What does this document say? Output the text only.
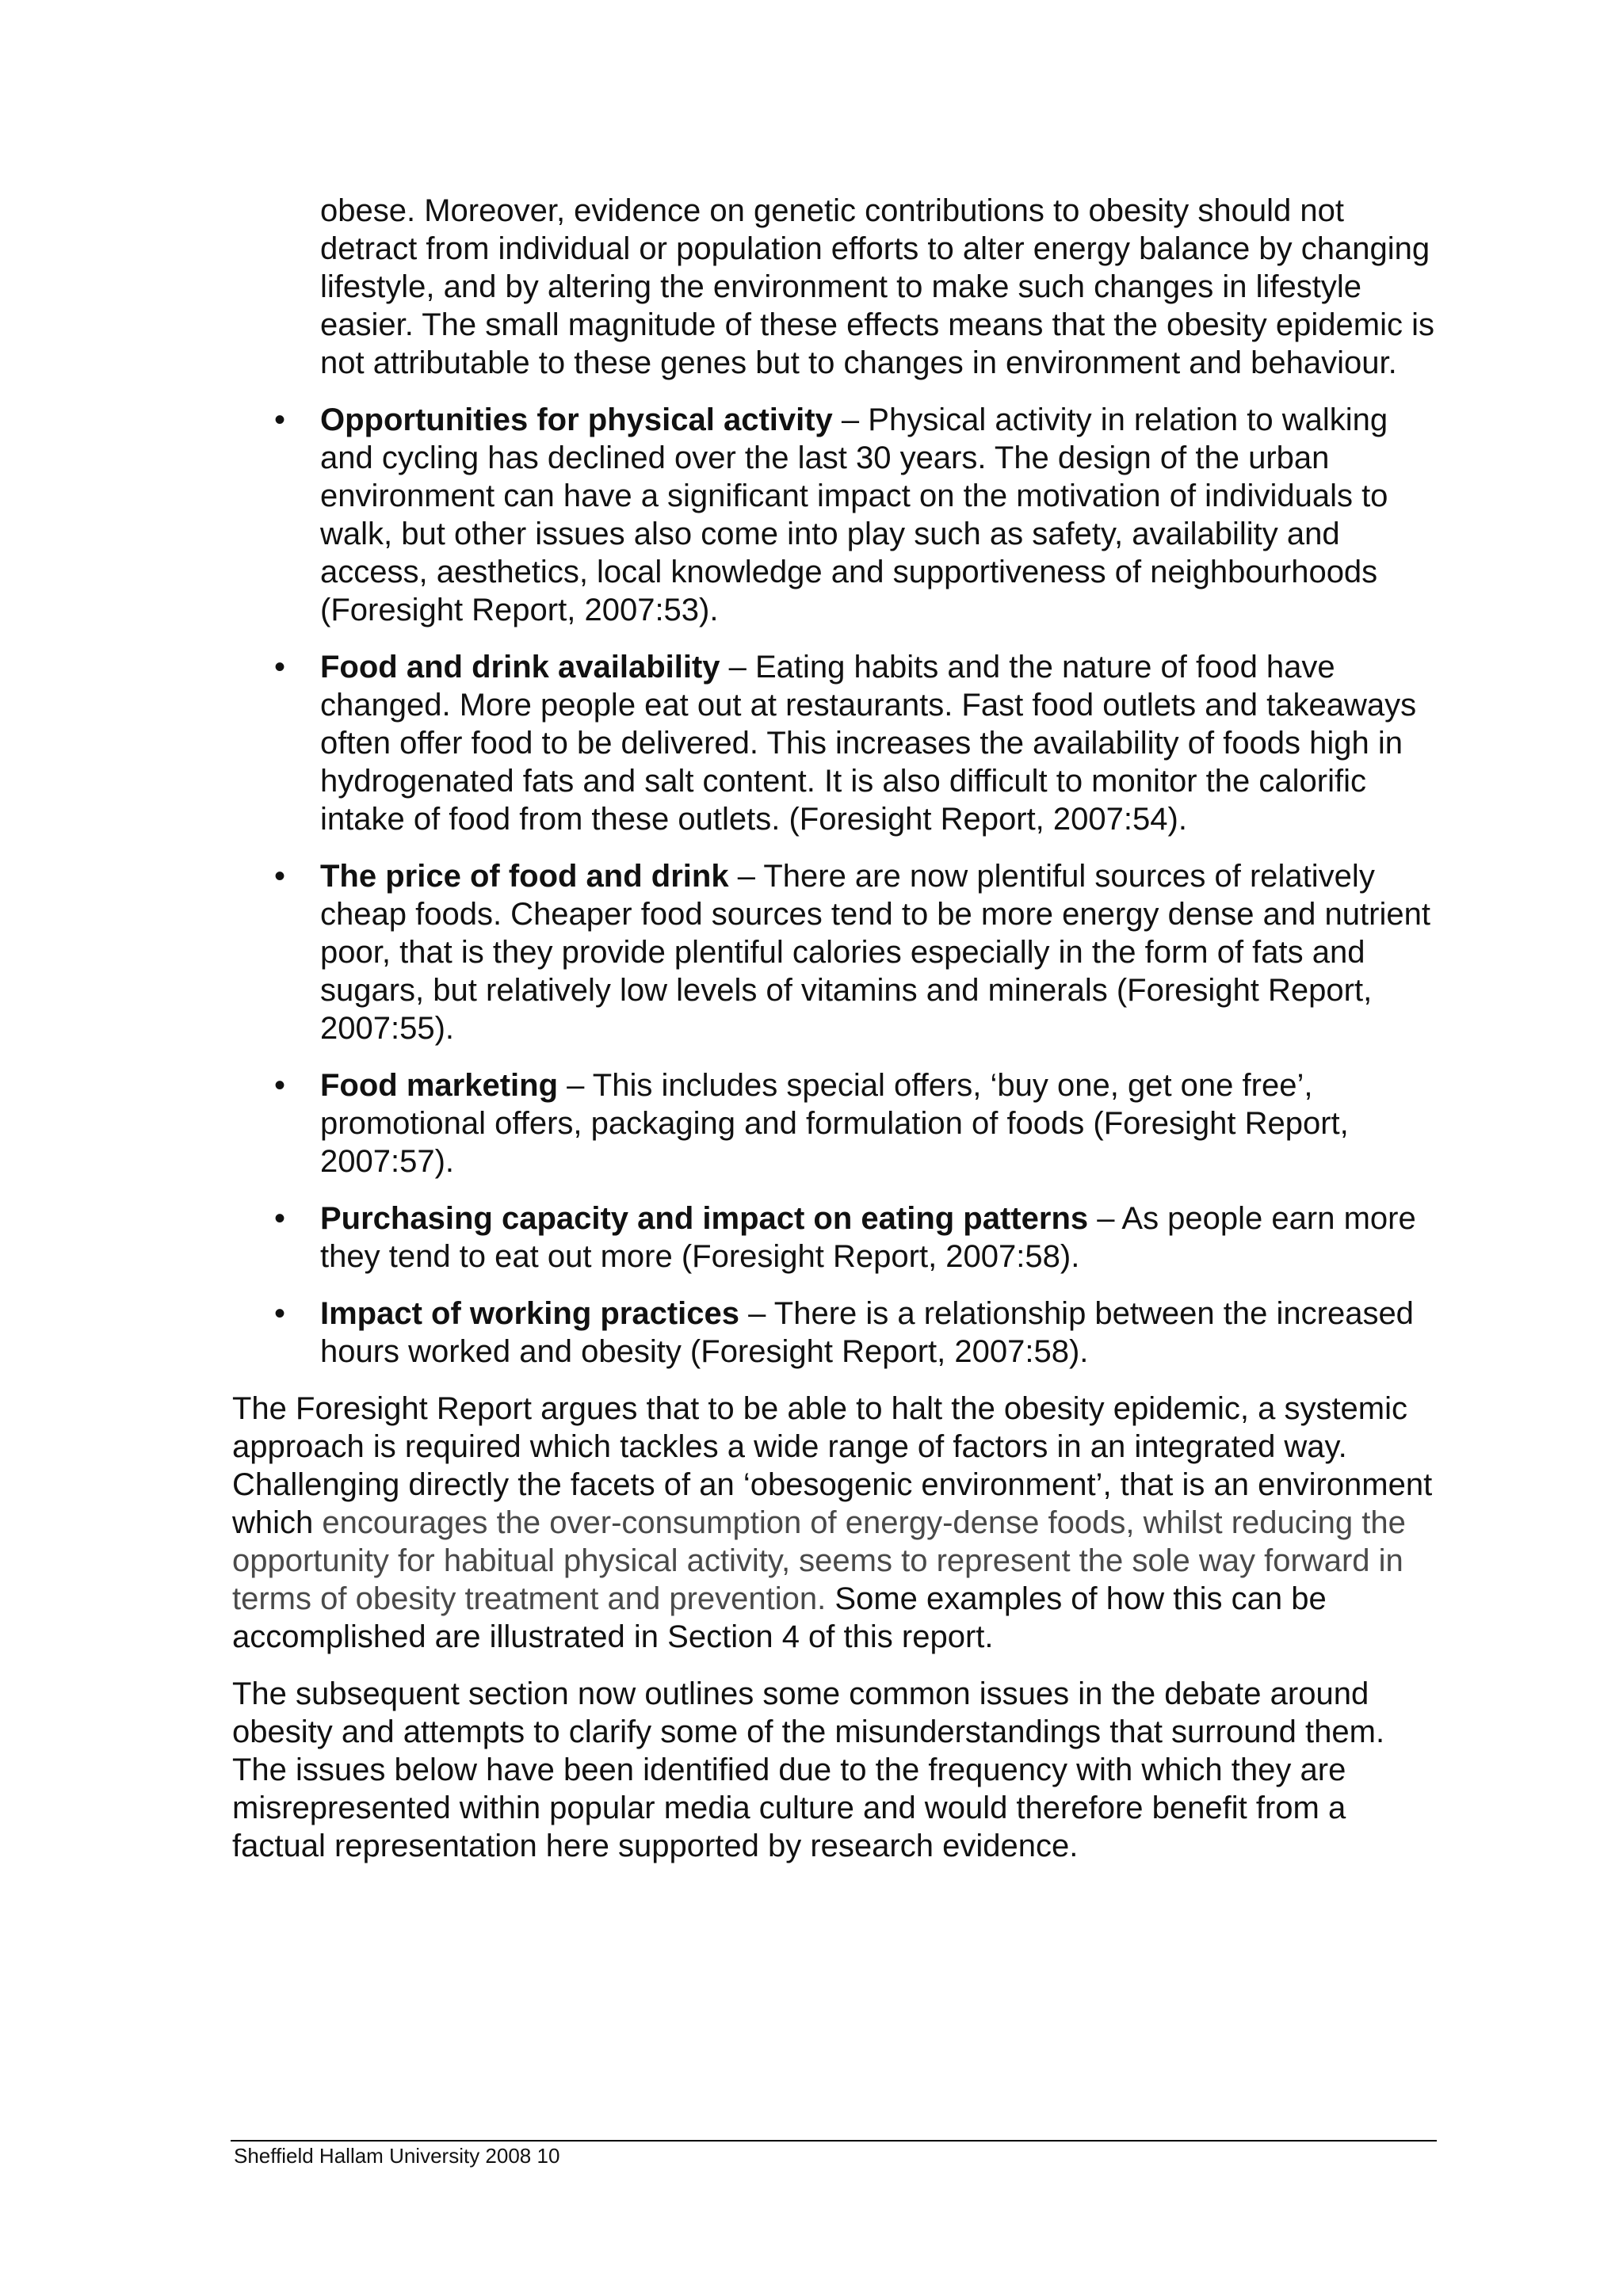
obese. Moreover, evidence on genetic contributions to obesity should not detract from individual or population efforts to alter energy balance by changing lifestyle, and by altering the environment to make such changes in lifestyle easier. The small magnitude of these effects means that the obesity epidemic is not attributable to these genes but to changes in environment and behaviour.

• Opportunities for physical activity – Physical activity in relation to walking and cycling has declined over the last 30 years. The design of the urban environment can have a significant impact on the motivation of individuals to walk, but other issues also come into play such as safety, availability and access, aesthetics, local knowledge and supportiveness of neighbourhoods (Foresight Report, 2007:53).
• Food and drink availability – Eating habits and the nature of food have changed. More people eat out at restaurants. Fast food outlets and takeaways often offer food to be delivered. This increases the availability of foods high in hydrogenated fats and salt content. It is also difficult to monitor the calorific intake of food from these outlets. (Foresight Report, 2007:54).
• The price of food and drink – There are now plentiful sources of relatively cheap foods. Cheaper food sources tend to be more energy dense and nutrient poor, that is they provide plentiful calories especially in the form of fats and sugars, but relatively low levels of vitamins and minerals (Foresight Report, 2007:55).
• Food marketing – This includes special offers, ‘buy one, get one free’, promotional offers, packaging and formulation of foods (Foresight Report, 2007:57).
• Purchasing capacity and impact on eating patterns – As people earn more they tend to eat out more (Foresight Report, 2007:58).
• Impact of working practices – There is a relationship between the increased hours worked and obesity (Foresight Report, 2007:58).

The Foresight Report argues that to be able to halt the obesity epidemic, a systemic approach is required which tackles a wide range of factors in an integrated way. Challenging directly the facets of an ‘obesogenic environment’, that is an environment which encourages the over-consumption of energy-dense foods, whilst reducing the opportunity for habitual physical activity, seems to represent the sole way forward in terms of obesity treatment and prevention. Some examples of how this can be accomplished are illustrated in Section 4 of this report.

The subsequent section now outlines some common issues in the debate around obesity and attempts to clarify some of the misunderstandings that surround them. The issues below have been identified due to the frequency with which they are misrepresented within popular media culture and would therefore benefit from a factual representation here supported by research evidence.

Sheffield Hallam University 2008 10
